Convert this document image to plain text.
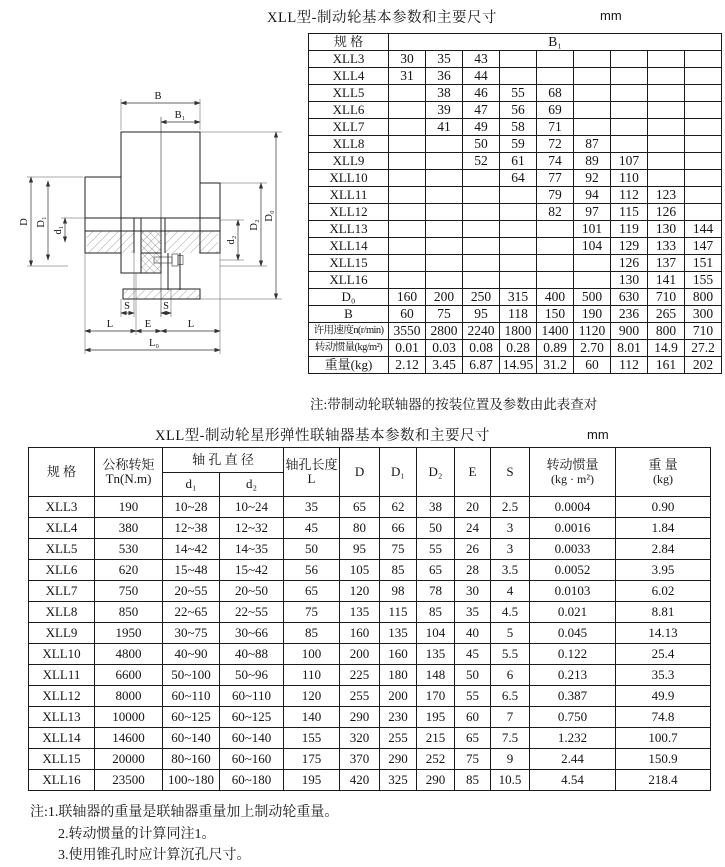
XLL型-制动轮基本参数和主要尺寸	mm
B
B₁
D D₁
d₁
d₂
D₂
D₀
S	S
L	E	L
L₀
规 格	B₁								
XLL3	30	35	43						
XLL4	31	36	44						
XLL5		38	46	55	68				
XLL6		39	47	56	69				
XLL7		41	49	58	71				
XLL8			50	59	72	87			
XLL9			52	61	74	89	107		
XLL10				64	77	92	110		
XLL11					79	94	112	123	
XLL12					82	97	115	126	
XLL13						101	119	130	144
XLL14						104	129	133	147
XLL15							126	137	151
XLL16							130	141	155
D₀	160	200	250	315	400	500	630	710	800
B	60	75	95	118	150	190	236	265	300
许用速度n(r/min)	3550	2800	2240	1800	1400	1120	900	800	710
转动惯量(kg/m²)	0.01	0.03	0.08	0.28	0.89	2.70	8.01	14.9	27.2
重量(kg)	2.12	3.45	6.87	14.95	31.2	60	112	161	202
注:带制动轮联轴器的按装位置及参数由此表查对
XLL型-制动轮星形弹性联轴器基本参数和主要尺寸	mm
规 格	公称转矩
Tn(N.m)
	轴 孔 直 径	轴孔长度
L	D	D₁	D₂	E	S	转动惯量
(kg · m²)

重 量
(kg)

		d₁	d₂								
XLL3	190	10~28	10~24	35	65	62	38	20	2.5	0.0004	0.90
XLL4	380	12~38	12~32	45	80	66	50	24	3	0.0016	1.84
XLL5	530	14~42	14~35	50	95	75	55	26	3	0.0033	2.84
XLL6	620	15~48	15~42	56	105	85	65	28	3.5	0.0052	3.95
XLL7	750	20~55	20~50	65	120	98	78	30	4	0.0103	6.02
XLL8	850	22~65	22~55	75	135	115	85	35	4.5	0.021	8.81
XLL9	1950	30~75	30~66	85	160	135	104	40	5	0.045	14.13
XLL10	4800	40~90	40~88	100	200	160	135	45	5.5	0.122	25.4
XLL11	6600	50~100	50~96	110	225	180	148	50	6	0.213	35.3
XLL12	8000	60~110	60~110	120	255	200	170	55	6.5	0.387	49.9
XLL13	10000	60~125	60~125	140	290	230	195	60	7	0.750	74.8
XLL14	14600	60~140	60~140	155	320	255	215	65	7.5	1.232	100.7
XLL15	20000	80~160	60~160	175	370	290	252	75	9	2.44	150.9
XLL16	23500	100~180	60~180	195	420	325	290	85	10.5	4.54	218.4
注:1.联轴器的重量是联轴器重量加上制动轮重量。
2.转动惯量的计算同注1。
3.使用锥孔时应计算沉孔尺寸。
